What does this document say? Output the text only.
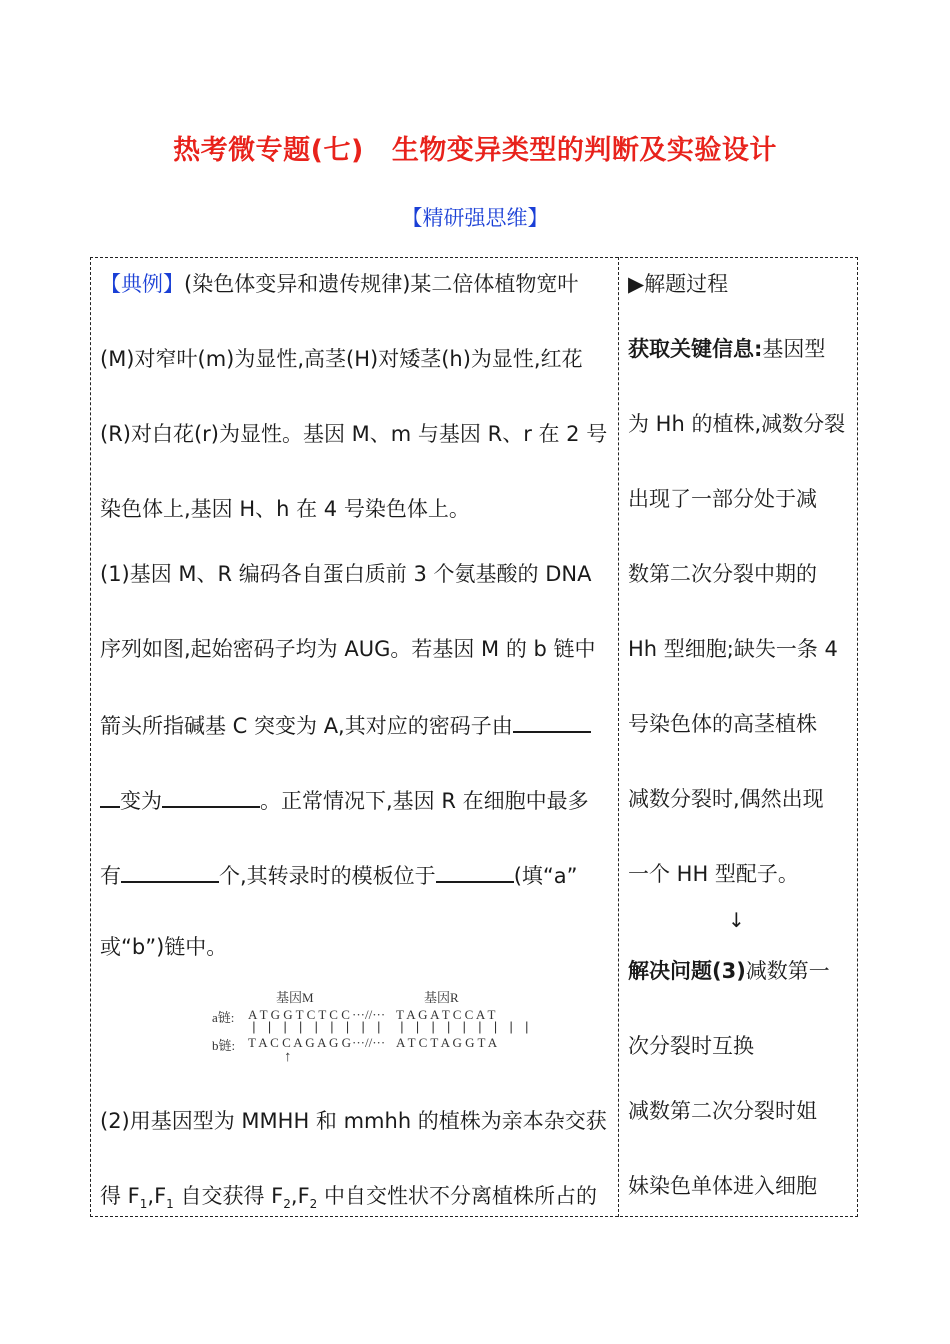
热考微专题(七) 生物变异类型的判断及实验设计
【精研强思维】
【典例】(染色体变异和遗传规律)某二倍体植物宽叶
(M)对窄叶(m)为显性,高茎(H)对矮茎(h)为显性,红花
(R)对白花(r)为显性。基因 M、m 与基因 R、r 在 2 号
染色体上,基因 H、h 在 4 号染色体上。
(1)基因 M、R 编码各自蛋白质前 3 个氨基酸的 DNA
序列如图,起始密码子均为 AUG。若基因 M 的 b 链中
箭头所指碱基 C 突变为 A,其对应的密码子由
变为	。正常情况下,基因 R 在细胞中最多
有	个,其转录时的模板位于	(填“a”
或“b”)链中。
基因M	基因R
a链: A T G G T C T C C ···//··· T A G A T C C A T
| | | | | | | | | | | | | | | | | |
b链: T A C C A G A G G ···//··· A T C T A G G T A
↑
(2)用基因型为 MMHH 和 mmhh 的植株为亲本杂交获
得 $F_1,F_1$ 自交获得 $F_2,F_2$ 中自交性状不分离植株所占的
▶解题过程
获取关键信息:基因型
为 Hh 的植株,减数分裂
出现了一部分处于减
数第二次分裂中期的
Hh 型细胞;缺失一条 4
号染色体的高茎植株
减数分裂时,偶然出现
一个 HH 型配子。
↓
解决问题(3)减数第一
次分裂时互换
减数第二次分裂时姐
妹染色单体进入细胞
